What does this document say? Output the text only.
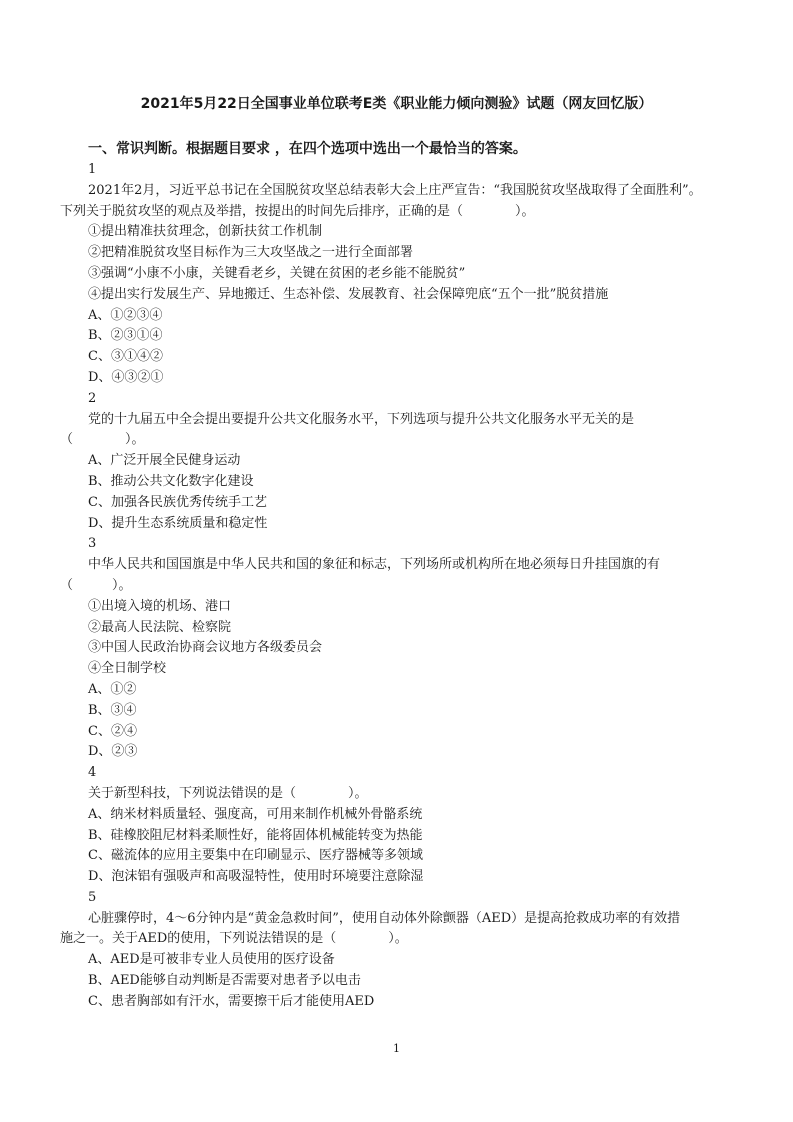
2021年5月22日全国事业单位联考E类《职业能力倾向测验》试题（网友回忆版）
一、常识判断。根据题目要求 ，在四个选项中选出一个最恰当的答案。
1
2021年2月，习近平总书记在全国脱贫攻坚总结表彰大会上庄严宣告：“我国脱贫攻坚战取得了全面胜利”。
下列关于脱贫攻坚的观点及举措，按提出的时间先后排序，正确的是（　　　　）。
①提出精准扶贫理念，创新扶贫工作机制
②把精准脱贫攻坚目标作为三大攻坚战之一进行全面部署
③强调“小康不小康，关键看老乡，关键在贫困的老乡能不能脱贫”
④提出实行发展生产、异地搬迁、生态补偿、发展教育、社会保障兜底“五个一批”脱贫措施
A、①②③④
B、②③①④
C、③①④②
D、④③②①
2
党的十九届五中全会提出要提升公共文化服务水平，下列选项与提升公共文化服务水平无关的是
（　　　　）。
A、广泛开展全民健身运动
B、推动公共文化数字化建设
C、加强各民族优秀传统手工艺
D、提升生态系统质量和稳定性
3
中华人民共和国国旗是中华人民共和国的象征和标志，下列场所或机构所在地必须每日升挂国旗的有
（　　　）。
①出境入境的机场、港口
②最高人民法院、检察院
③中国人民政治协商会议地方各级委员会
④全日制学校
A、①②
B、③④
C、②④
D、②③
4
关于新型科技，下列说法错误的是（　　　　）。
A、纳米材料质量轻、强度高，可用来制作机械外骨骼系统
B、硅橡胶阻尼材料柔顺性好，能将固体机械能转变为热能
C、磁流体的应用主要集中在印刷显示、医疗器械等多领域
D、泡沫铝有强吸声和高吸湿特性，使用时环境要注意除湿
5
心脏骤停时，4～6分钟内是“黄金急救时间”，使用自动体外除颤器（AED）是提高抢救成功率的有效措
施之一。关于AED的使用，下列说法错误的是（　　　　）。
A、AED是可被非专业人员使用的医疗设备
B、AED能够自动判断是否需要对患者予以电击
C、患者胸部如有汗水，需要擦干后才能使用AED
1
